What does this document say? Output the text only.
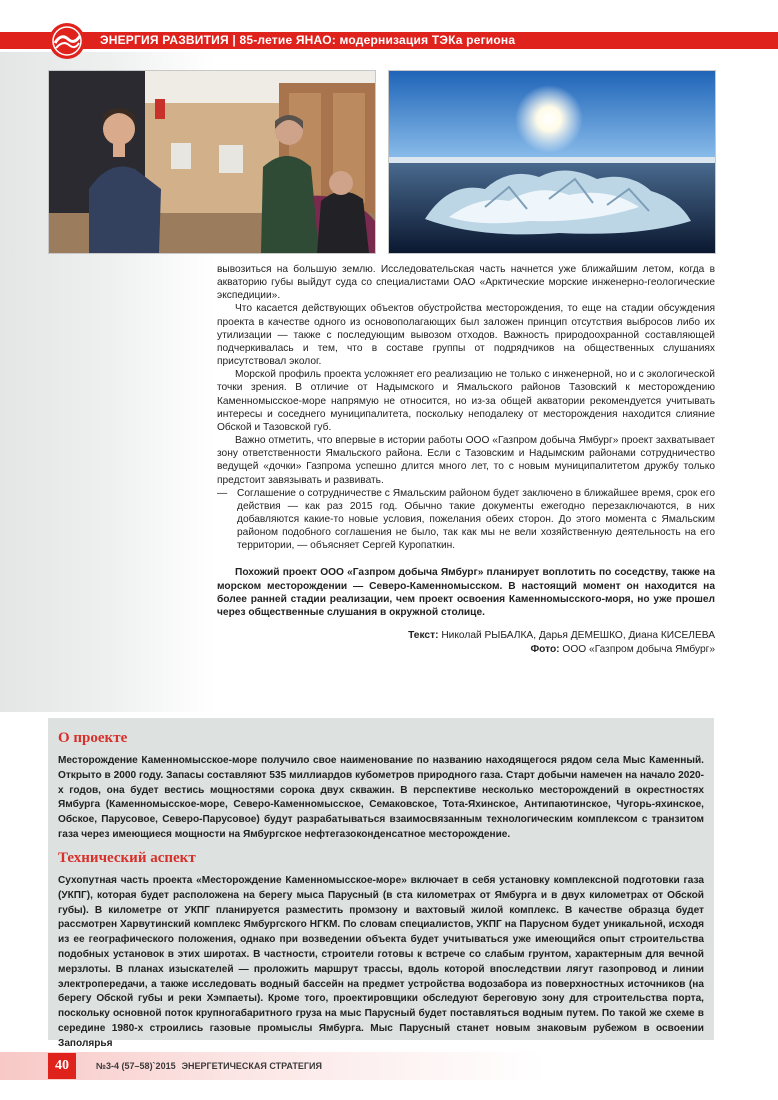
ЭНЕРГИЯ РАЗВИТИЯ | 85-летие ЯНАО: модернизация ТЭКа региона

вывозиться на большую землю. Исследовательская часть начнется уже ближайшим летом, когда в акваторию губы выйдут суда со специалистами ОАО «Арктические морские инженерно-геологические экспедиции».

Что касается действующих объектов обустройства месторождения, то еще на стадии обсуждения проекта в качестве одного из основополагающих был заложен принцип отсутствия выбросов либо их утилизации — также с последующим вывозом отходов. Важность природоохранной составляющей подчеркивалась и тем, что в составе группы от подрядчиков на общественных слушаниях присутствовал эколог.

Морской профиль проекта усложняет его реализацию не только с инженерной, но и с экологической точки зрения. В отличие от Надымского и Ямальского районов Тазовский к месторождению Каменномысское-море напрямую не относится, но из-за общей акватории рекомендуется учитывать интересы и соседнего муниципалитета, поскольку неподалеку от месторождения находится слияние Обской и Тазовской губ.

Важно отметить, что впервые в истории работы ООО «Газпром добыча Ямбург» проект захватывает зону ответственности Ямальского района. Если с Тазовским и Надымским районами сотрудничество ведущей «дочки» Газпрома успешно длится много лет, то с новым муниципалитетом дружбу только предстоит завязывать и развивать.

— Соглашение о сотрудничестве с Ямальским районом будет заключено в ближайшее время, срок его действия — как раз 2015 год. Обычно такие документы ежегодно перезаключаются, в них добавляются какие-то новые условия, пожелания обеих сторон. До этого момента с Ямальским районом подобного соглашения не было, так как мы не вели хозяйственную деятельность на его территории, — объясняет Сергей Куропаткин.

Похожий проект ООО «Газпром добыча Ямбург» планирует воплотить по соседству, также на морском месторождении — Северо-Каменномысском. В настоящий момент он находится на более ранней стадии реализации, чем проект освоения Каменномысского-моря, но уже прошел через общественные слушания в окружной столице.

Текст: Николай РЫБАЛКА, Дарья ДЕМЕШКО, Диана КИСЕЛЕВА
Фото: ООО «Газпром добыча Ямбург»
О проекте

Месторождение Каменномысское-море получило свое наименование по названию находящегося рядом села Мыс Каменный. Открыто в 2000 году. Запасы составляют 535 миллиардов кубометров природного газа. Старт добычи намечен на начало 2020-х годов, она будет вестись мощностями сорока двух скважин. В перспективе несколько месторождений в окрестностях Ямбурга (Каменномысское-море, Северо-Каменномысское, Семаковское, Тота-Яхинское, Антипаютинское, Чугорь-яхинское, Обское, Парусовое, Северо-Парусовое) будут разрабатываться взаимосвязанным технологическим комплексом с транзитом газа через имеющиеся мощности на Ямбургское нефтегазоконденсатное месторождение.

Технический аспект

Сухопутная часть проекта «Месторождение Каменномысское-море» включает в себя установку комплексной подготовки газа (УКПГ), которая будет расположена на берегу мыса Парусный (в ста километрах от Ямбурга и в двух километрах от Обской губы). В километре от УКПГ планируется разместить промзону и вахтовый жилой комплекс. В качестве образца будет рассмотрен Харвутинский комплекс Ямбургского НГКМ. По словам специалистов, УКПГ на Парусном будет уникальной, исходя из ее географического положения, однако при возведении объекта будет учитываться уже имеющийся опыт строительства подобных установок в этих широтах. В частности, строители готовы к встрече со слабым грунтом, характерным для вечной мерзлоты. В планах изыскателей — проложить маршрут трассы, вдоль которой впоследствии лягут газопровод и линии электропередачи, а также исследовать водный бассейн на предмет устройства водозабора из поверхностных источников (на берегу Обской губы и реки Хэмпаеты). Кроме того, проектировщики обследуют береговую зону для строительства порта, поскольку основной поток крупногабаритного груза на мыс Парусный будет поставляться водным путем. По такой же схеме в середине 1980-х строились газовые промыслы Ямбурга. Мыс Парусный станет новым знаковым рубежом в освоении Заполярья

40	№3-4 (57–58)`2015 ЭНЕРГЕТИЧЕСКАЯ СТРАТЕГИЯ
